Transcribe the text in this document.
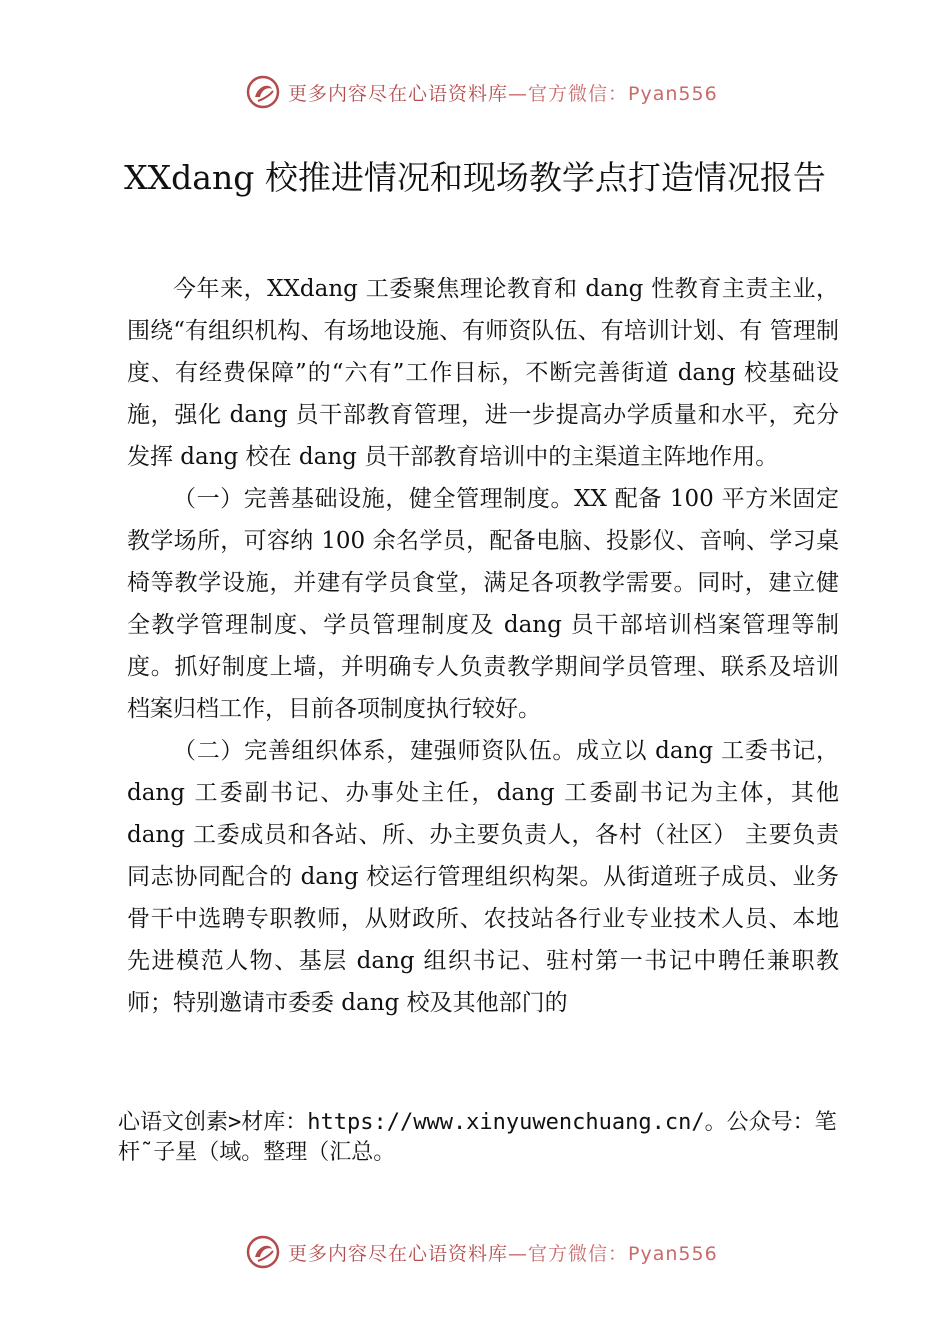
更多内容尽在心语资料库—官方微信：Pyan556
XXdang 校推进情况和现场教学点打造情况报告

今年来，XXdang 工委聚焦理论教育和 dang 性教育主责主业，围绕“有组织机构、有场地设施、有师资队伍、有培训计划、有 管理制度、有经费保障”的“六有”工作目标，不断完善街道 dang 校基础设施，强化 dang 员干部教育管理，进一步提高办学质量和水平，充分发挥 dang 校在 dang 员干部教育培训中的主渠道主阵地作用。

（一）完善基础设施，健全管理制度。XX 配备 100 平方米固定教学场所，可容纳 100 余名学员，配备电脑、投影仪、音响、学习桌椅等教学设施，并建有学员食堂，满足各项教学需要。同时，建立健全教学管理制度、学员管理制度及 dang 员干部培训档案管理等制度。抓好制度上墙，并明确专人负责教学期间学员管理、联系及培训档案归档工作，目前各项制度执行较好。

（二）完善组织体系，建强师资队伍。成立以 dang 工委书记，dang 工委副书记、办事处主任，dang 工委副书记为主体，其他 dang 工委成员和各站、所、办主要负责人，各村（社区） 主要负责同志协同配合的 dang 校运行管理组织构架。从街道班子成员、业务骨干中选聘专职教师，从财政所、农技站各行业专业技术人员、本地先进模范人物、基层 dang 组织书记、驻村第一书记中聘任兼职教师；特别邀请市委委 dang 校及其他部门的

心语文创素>材库：https://www.xinyuwenchuang.cn/。公众号：笔杆˜子星（域。整理（汇总。
更多内容尽在心语资料库—官方微信：Pyan556
